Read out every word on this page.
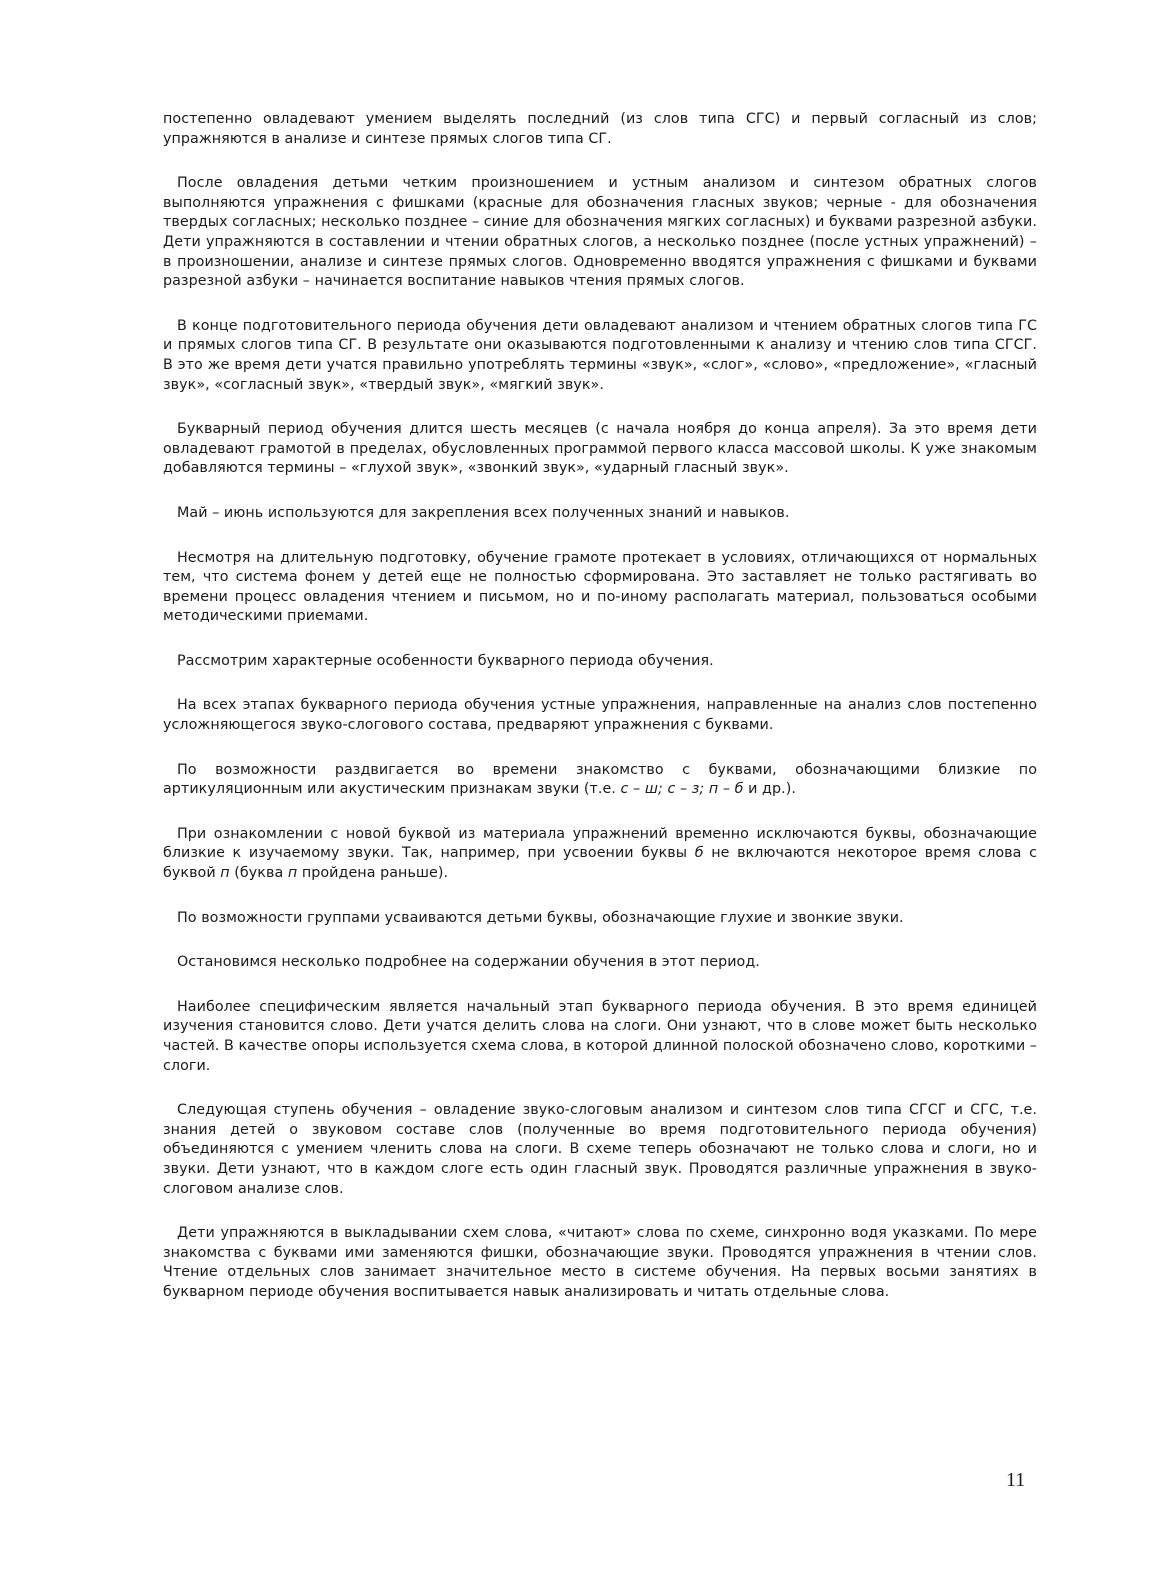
постепенно овладевают умением выделять последний (из слов типа СГС) и первый согласный из слов; упражняются в анализе и синтезе прямых слогов типа СГ.

После овладения детьми четким произношением и устным анализом и синтезом обратных слогов выполняются упражнения с фишками (красные для обозначения гласных звуков; черные - для обозначения твердых согласных; несколько позднее – синие для обозначения мягких согласных) и буквами разрезной азбуки. Дети упражняются в составлении и чтении обратных слогов, а несколько позднее (после устных упражнений) – в произношении, анализе и синтезе прямых слогов. Одновременно вводятся упражнения с фишками и буквами разрезной азбуки – начинается воспитание навыков чтения прямых слогов.

В конце подготовительного периода обучения дети овладевают анализом и чтением обратных слогов типа ГС и прямых слогов типа СГ. В результате они оказываются подготовленными к анализу и чтению слов типа СГСГ. В это же время дети учатся правильно употреблять термины «звук», «слог», «слово», «предложение», «гласный звук», «согласный звук», «твердый звук», «мягкий звук».

Букварный период обучения длится шесть месяцев (с начала ноября до конца апреля). За это время дети овладевают грамотой в пределах, обусловленных программой первого класса массовой школы. К уже знакомым добавляются термины – «глухой звук», «звонкий звук», «ударный гласный звук».

Май – июнь используются для закрепления всех полученных знаний и навыков.

Несмотря на длительную подготовку, обучение грамоте протекает в условиях, отличающихся от нормальных тем, что система фонем у детей еще не полностью сформирована. Это заставляет не только растягивать во времени процесс овладения чтением и письмом, но и по-иному располагать материал, пользоваться особыми методическими приемами.

Рассмотрим характерные особенности букварного периода обучения.

На всех этапах букварного периода обучения устные упражнения, направленные на анализ слов постепенно усложняющегося звуко-слогового состава, предваряют упражнения с буквами.

По возможности раздвигается во времени знакомство с буквами, обозначающими близкие по артикуляционным или акустическим признакам звуки (т.е. с – ш; с – з; п – б и др.).

При ознакомлении с новой буквой из материала упражнений временно исключаются буквы, обозначающие близкие к изучаемому звуки. Так, например, при усвоении буквы б не включаются некоторое время слова с буквой п (буква п пройдена раньше).

По возможности группами усваиваются детьми буквы, обозначающие глухие и звонкие звуки.

Остановимся несколько подробнее на содержании обучения в этот период.

Наиболее специфическим является начальный этап букварного периода обучения. В это время единицей изучения становится слово. Дети учатся делить слова на слоги. Они узнают, что в слове может быть несколько частей. В качестве опоры используется схема слова, в которой длинной полоской обозначено слово, короткими – слоги.

Следующая ступень обучения – овладение звуко-слоговым анализом и синтезом слов типа СГСГ и СГС, т.е. знания детей о звуковом составе слов (полученные во время подготовительного периода обучения) объединяются с умением членить слова на слоги. В схеме теперь обозначают не только слова и слоги, но и звуки. Дети узнают, что в каждом слоге есть один гласный звук. Проводятся различные упражнения в звуко-слоговом анализе слов.

Дети упражняются в выкладывании схем слова, «читают» слова по схеме, синхронно водя указками. По мере знакомства с буквами ими заменяются фишки, обозначающие звуки. Проводятся упражнения в чтении слов. Чтение отдельных слов занимает значительное место в системе обучения. На первых восьми занятиях в букварном периоде обучения воспитывается навык анализировать и читать отдельные слова.

11
